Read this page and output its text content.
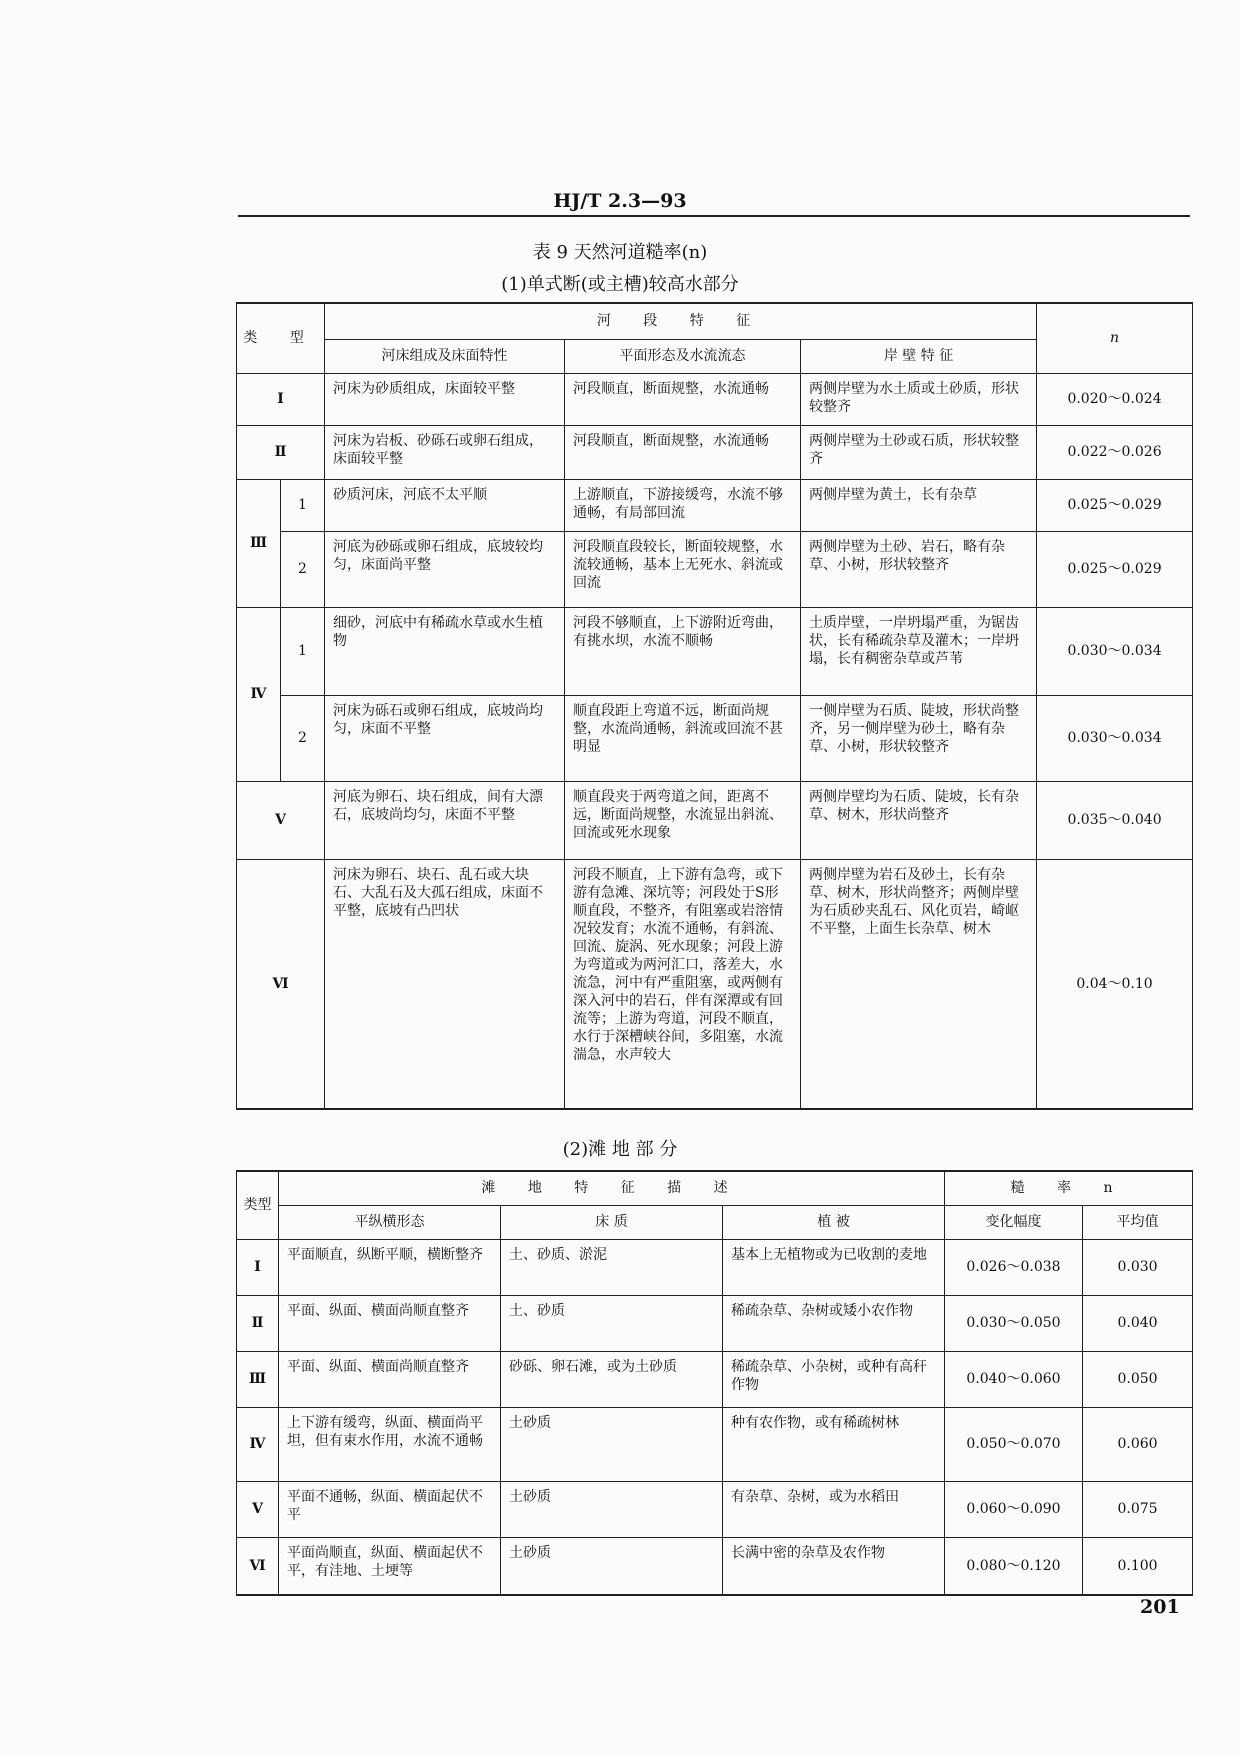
HJ/T 2.3—93
表 9 天然河道糙率(n)
(1)单式断(或主槽)较高水部分
类 型		河 段 特 征			n
		河床组成及床面特性	平面形态及水流流态	岸 壁 特 征	
I		河床为砂质组成，床面较平整	河段顺直，断面规整，水流通畅	两侧岸壁为水土质或土砂质，形状较整齐	0.020～0.024
Ⅱ		河床为岩板、砂砾石或卵石组成，床面较平整	河段顺直，断面规整，水流通畅	两侧岸壁为土砂或石质，形状较整齐	0.022～0.026
Ⅲ	1	砂质河床，河底不太平顺	上游顺直，下游接缓弯，水流不够通畅，有局部回流	两侧岸壁为黄土，长有杂草	0.025～0.029
	2	河底为砂砾或卵石组成，底坡较均匀，床面尚平整	河段顺直段较长，断面较规整，水流较通畅，基本上无死水、斜流或回流	两侧岸壁为土砂、岩石，略有杂草、小树，形状较整齐	0.025～0.029
Ⅳ	1	细砂，河底中有稀疏水草或水生植物	河段不够顺直，上下游附近弯曲，有挑水坝，水流不顺畅	土质岸壁，一岸坍塌严重，为锯齿状，长有稀疏杂草及灌木；一岸坍塌，长有稠密杂草或芦苇	0.030～0.034
	2	河床为砾石或卵石组成，底坡尚均匀，床面不平整	顺直段距上弯道不远，断面尚规整，水流尚通畅，斜流或回流不甚明显	一侧岸壁为石质、陡坡，形状尚整齐，另一侧岸壁为砂土，略有杂草、小树，形状较整齐	0.030～0.034
V		河底为卵石、块石组成，间有大漂石，底坡尚均匀，床面不平整	顺直段夹于两弯道之间，距离不远，断面尚规整，水流显出斜流、回流或死水现象	两侧岸壁均为石质、陡坡，长有杂草、树木，形状尚整齐	0.035～0.040
Ⅵ		河床为卵石、块石、乱石或大块石、大乱石及大孤石组成，床面不平整，底坡有凸凹状	河段不顺直，上下游有急弯，或下游有急滩、深坑等；河段处于S形顺直段，不整齐，有阻塞或岩溶情况较发育；水流不通畅，有斜流、回流、旋涡、死水现象；河段上游为弯道或为两河汇口，落差大，水流急，河中有严重阻塞，或两侧有深入河中的岩石，伴有深潭或有回流等；上游为弯道，河段不顺直，水行于深槽峡谷间，多阻塞，水流湍急，水声较大	两侧岸壁为岩石及砂土，长有杂草、树木，形状尚整齐；两侧岸壁为石质砂夹乱石、风化页岩，崎岖不平整，上面生长杂草、树木	0.04～0.10
(2)滩 地 部 分
类型	滩 地 特 征 描 述			糙 率 n	
	平纵横形态	床 质	植 被	变化幅度	平均值
I	平面顺直，纵断平顺，横断整齐	土、砂质、淤泥	基本上无植物或为已收割的麦地	0.026～0.038	0.030
Ⅱ	平面、纵面、横面尚顺直整齐	土、砂质	稀疏杂草、杂树或矮小农作物	0.030～0.050	0.040
Ⅲ	平面、纵面、横面尚顺直整齐	砂砾、卵石滩，或为土砂质	稀疏杂草、小杂树，或种有高秆作物	0.040～0.060	0.050
Ⅳ	上下游有缓弯，纵面、横面尚平坦，但有束水作用，水流不通畅	土砂质	种有农作物，或有稀疏树林	0.050～0.070	0.060
V	平面不通畅，纵面、横面起伏不平	土砂质	有杂草、杂树，或为水稻田	0.060～0.090	0.075
Ⅵ	平面尚顺直，纵面、横面起伏不平，有洼地、土埂等	土砂质	长满中密的杂草及农作物	0.080～0.120	0.100
201
